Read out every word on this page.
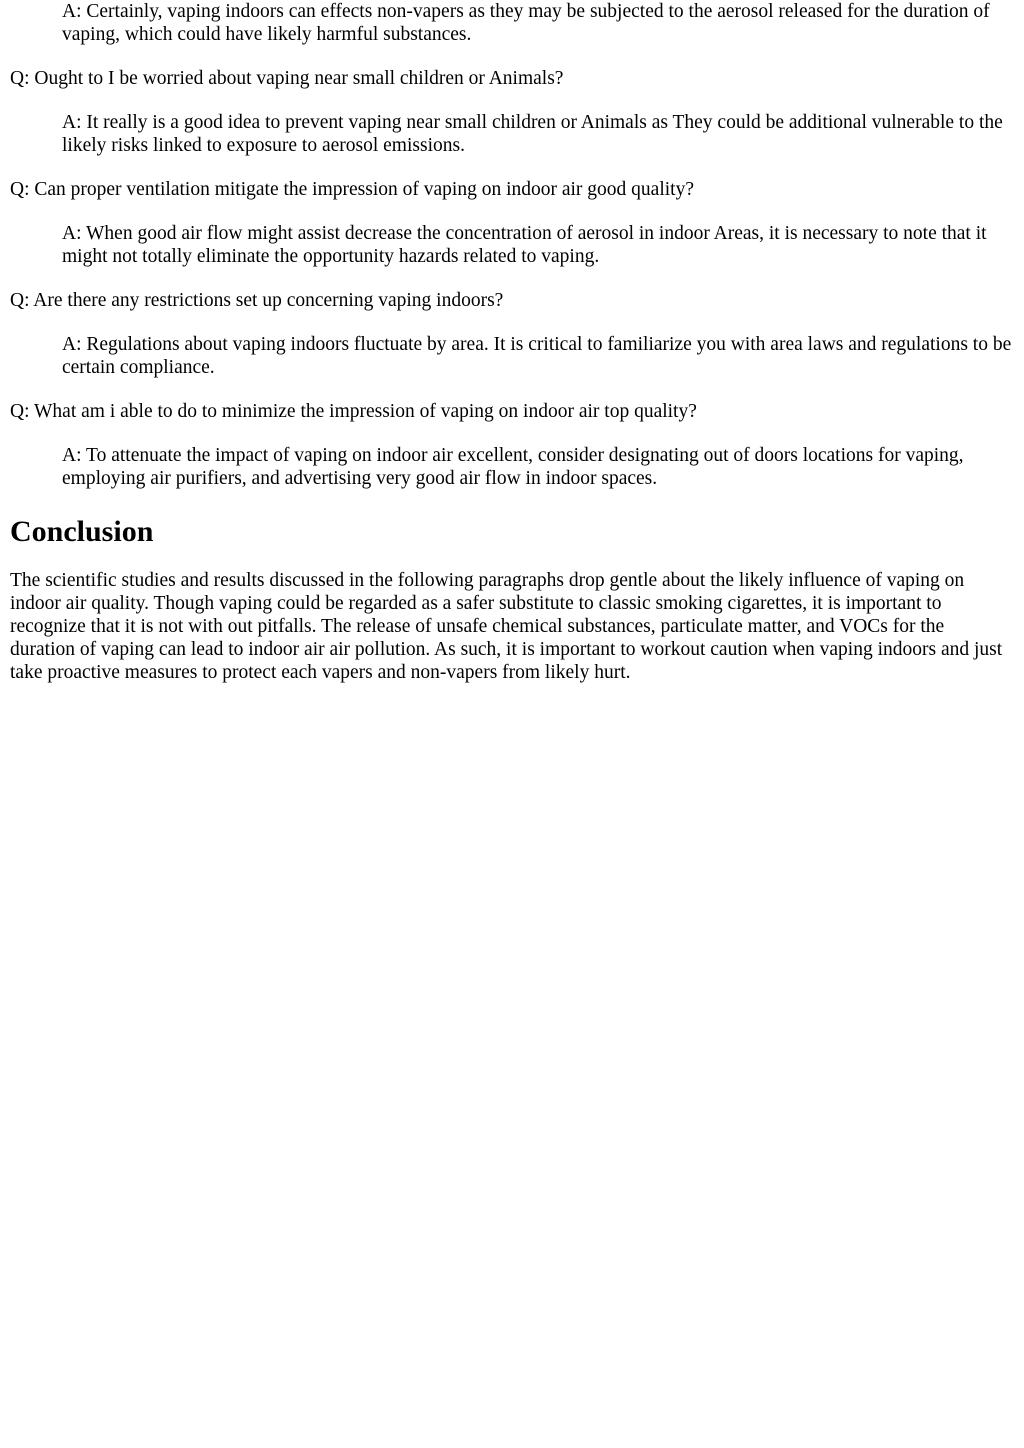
A: Certainly, vaping indoors can effects non-vapers as they may be subjected to the aerosol released for the duration of vaping, which could have likely harmful substances.

Q: Ought to I be worried about vaping near small children or Animals?

A: It really is a good idea to prevent vaping near small children or Animals as They could be additional vulnerable to the likely risks linked to exposure to aerosol emissions.

Q: Can proper ventilation mitigate the impression of vaping on indoor air good quality?

A: When good air flow might assist decrease the concentration of aerosol in indoor Areas, it is necessary to note that it might not totally eliminate the opportunity hazards related to vaping.

Q: Are there any restrictions set up concerning vaping indoors?

A: Regulations about vaping indoors fluctuate by area. It is critical to familiarize you with area laws and regulations to be certain compliance.

Q: What am i able to do to minimize the impression of vaping on indoor air top quality?

A: To attenuate the impact of vaping on indoor air excellent, consider designating out of doors locations for vaping, employing air purifiers, and advertising very good air flow in indoor spaces.

Conclusion

The scientific studies and results discussed in the following paragraphs drop gentle about the likely influence of vaping on indoor air quality. Though vaping could be regarded as a safer substitute to classic smoking cigarettes, it is important to recognize that it is not with out pitfalls. The release of unsafe chemical substances, particulate matter, and VOCs for the duration of vaping can lead to indoor air air pollution. As such, it is important to workout caution when vaping indoors and just take proactive measures to protect each vapers and non-vapers from likely hurt.
